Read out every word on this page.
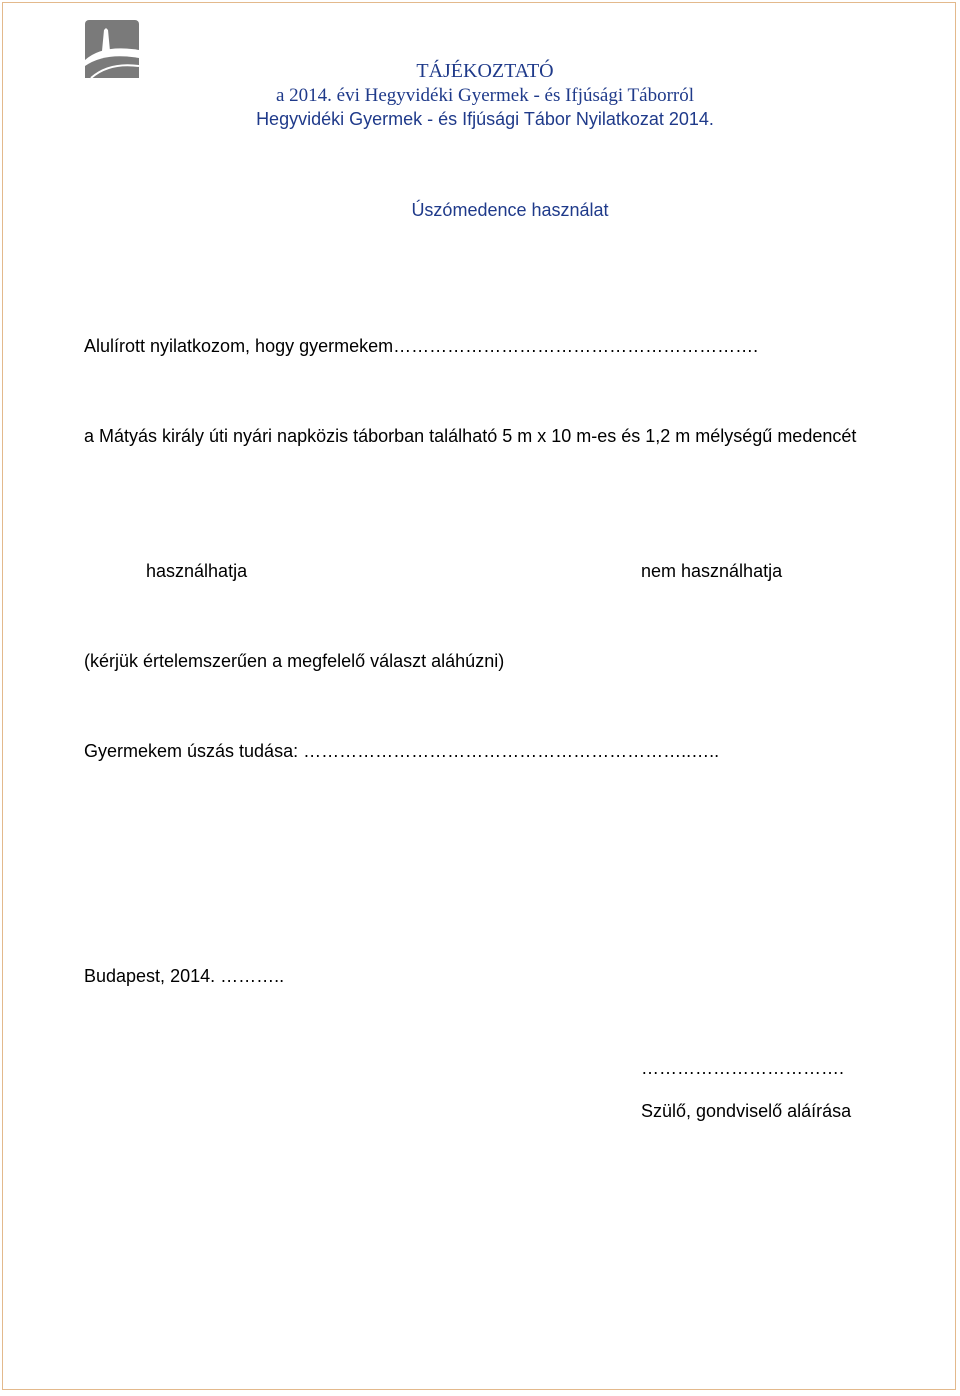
TÁJÉKOZTATÓ
a 2014. évi Hegyvidéki Gyermek - és Ifjúsági Táborról
Hegyvidéki Gyermek - és Ifjúsági Tábor Nyilatkozat 2014.
Úszómedence használat
Alulírott nyilatkozom, hogy gyermekem…………………………………………………….
a Mátyás király úti nyári napközis táborban található 5 m x 10 m-es és 1,2 m mélységű medencét
használhatja	nem használhatja
(kérjük értelemszerűen a megfelelő választ aláhúzni)
Gyermekem úszás tudása: ………………………………………………………..…..
Budapest, 2014. ………..
…………………………….
Szülő, gondviselő aláírása
